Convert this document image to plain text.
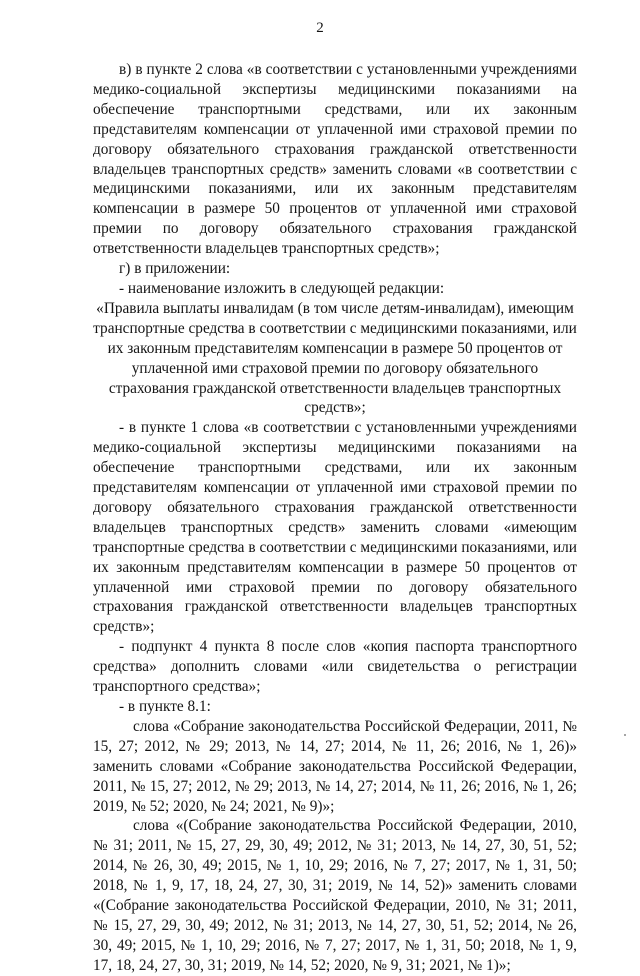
2

в) в пункте 2 слова «в соответствии с установленными учреждениями медико-социальной экспертизы медицинскими показаниями на обеспечение транспортными средствами, или их законным представителям компенсации от уплаченной ими страховой премии по договору обязательного страхования гражданской ответственности владельцев транспортных средств» заменить словами «в соответствии с медицинскими показаниями, или их законным представителям компенсации в размере 50 процентов от уплаченной ими страховой премии по договору обязательного страхования гражданской ответственности владельцев транспортных средств»;

г) в приложении:

- наименование изложить в следующей редакции:

«Правила выплаты инвалидам (в том числе детям-инвалидам), имеющим транспортные средства в соответствии с медицинскими показаниями, или их законным представителям компенсации в размере 50 процентов от уплаченной ими страховой премии по договору обязательного страхования гражданской ответственности владельцев транспортных средств»;

- в пункте 1 слова «в соответствии с установленными учреждениями медико-социальной экспертизы медицинскими показаниями на обеспечение транспортными средствами, или их законным представителям компенсации от уплаченной ими страховой премии по договору обязательного страхования гражданской ответственности владельцев транспортных средств» заменить словами «имеющим транспортные средства в соответствии с медицинскими показаниями, или их законным представителям компенсации в размере 50 процентов от уплаченной ими страховой премии по договору обязательного страхования гражданской ответственности владельцев транспортных средств»;

- подпункт 4 пункта 8 после слов «копия паспорта транспортного средства» дополнить словами «или свидетельства о регистрации транспортного средства»;

- в пункте 8.1:

слова «Собрание законодательства Российской Федерации, 2011, № 15, 27; 2012, № 29; 2013, № 14, 27; 2014, № 11, 26; 2016, № 1, 26)» заменить словами «Собрание законодательства Российской Федерации, 2011, № 15, 27; 2012, № 29; 2013, № 14, 27; 2014, № 11, 26; 2016, № 1, 26; 2019, № 52; 2020, № 24; 2021, № 9)»;

слова «(Собрание законодательства Российской Федерации, 2010, № 31; 2011, № 15, 27, 29, 30, 49; 2012, № 31; 2013, № 14, 27, 30, 51, 52; 2014, № 26, 30, 49; 2015, № 1, 10, 29; 2016, № 7, 27; 2017, № 1, 31, 50; 2018, № 1, 9, 17, 18, 24, 27, 30, 31; 2019, № 14, 52)» заменить словами «(Собрание законодательства Российской Федерации, 2010, № 31; 2011, № 15, 27, 29, 30, 49; 2012, № 31; 2013, № 14, 27, 30, 51, 52; 2014, № 26, 30, 49; 2015, № 1, 10, 29; 2016, № 7, 27; 2017, № 1, 31, 50; 2018, № 1, 9, 17, 18, 24, 27, 30, 31; 2019, № 14, 52; 2020, № 9, 31; 2021, № 1)»;
